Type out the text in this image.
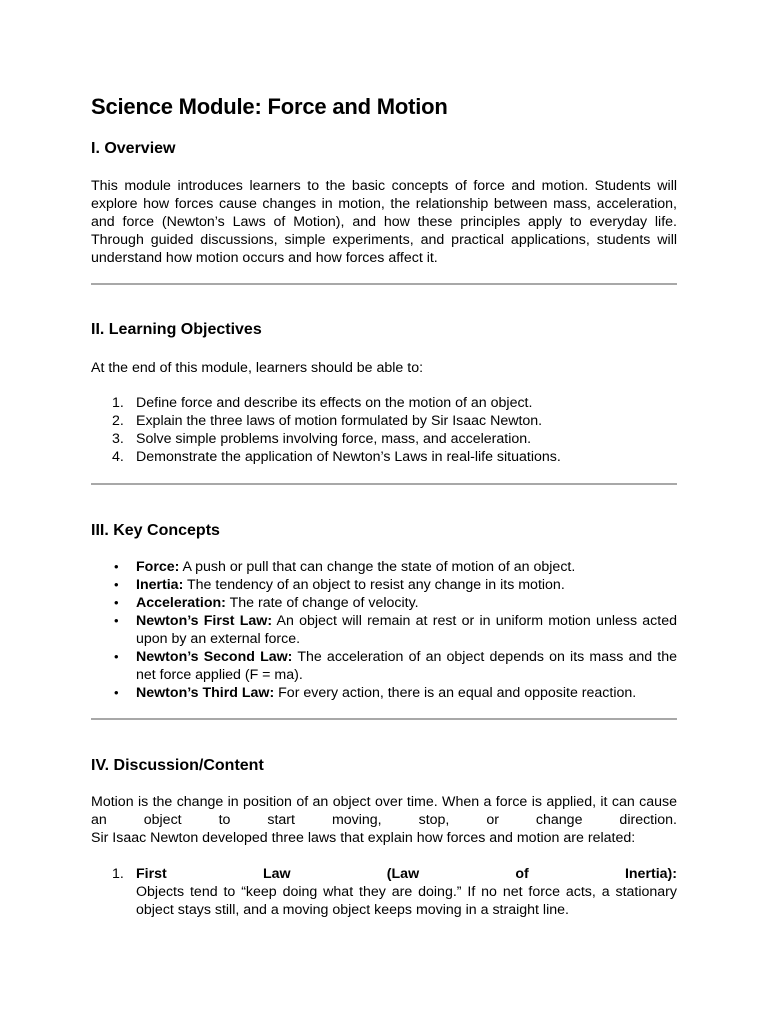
Science Module: Force and Motion
I. Overview

This module introduces learners to the basic concepts of force and motion. Students will explore how forces cause changes in motion, the relationship between mass, acceleration, and force (Newton’s Laws of Motion), and how these principles apply to everyday life. Through guided discussions, simple experiments, and practical applications, students will understand how motion occurs and how forces affect it.

II. Learning Objectives

At the end of this module, learners should be able to:

1. Define force and describe its effects on the motion of an object.
2. Explain the three laws of motion formulated by Sir Isaac Newton.
3. Solve simple problems involving force, mass, and acceleration.
4. Demonstrate the application of Newton’s Laws in real-life situations.
III. Key Concepts
• Force: A push or pull that can change the state of motion of an object.
• Inertia: The tendency of an object to resist any change in its motion.
• Acceleration: The rate of change of velocity.
• Newton’s First Law: An object will remain at rest or in uniform motion unless acted upon by an external force.
• Newton’s Second Law: The acceleration of an object depends on its mass and the net force applied (F = ma).
• Newton’s Third Law: For every action, there is an equal and opposite reaction.
IV. Discussion/Content

Motion is the change in position of an object over time. When a force is applied, it can cause an object to start moving, stop, or change direction.

Sir Isaac Newton developed three laws that explain how forces and motion are related:

1. First	Law	(Law	of	Inertia):
Objects tend to “keep doing what they are doing.” If no net force acts, a stationary object stays still, and a moving object keeps moving in a straight line.
